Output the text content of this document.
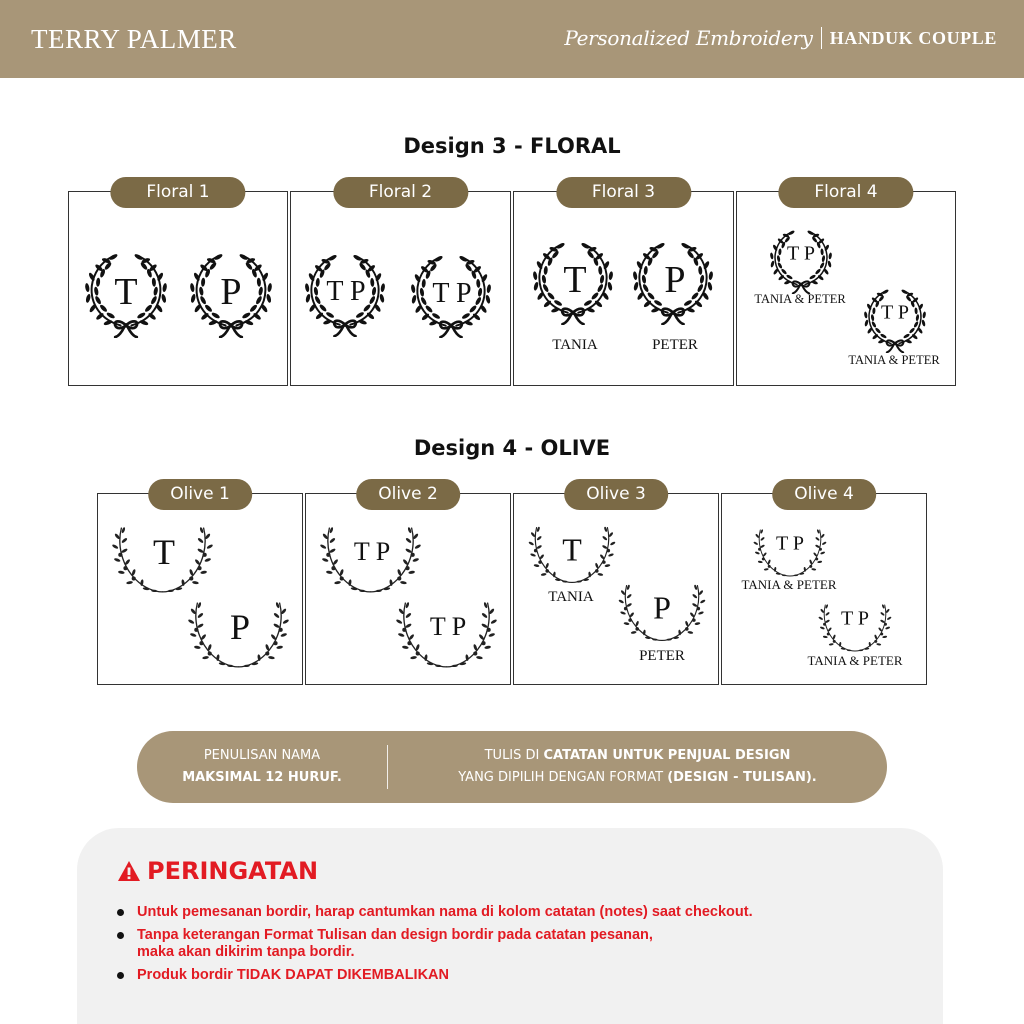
TERRY PALMER	Personalized Embroidery HANDUK COUPLE
Design 3 - FLORAL
Floral 1
T P
Floral 2
T P T P
Floral 3
T P
TANIA	PETER
Floral 4
T P
T P
TANIA & PETER
TANIA & PETER
Design 4 - OLIVE
Olive 1
T
P
Olive 2
T P
T P
Olive 3
T
P
TANIA
PETER
Olive 4
T P
T P
TANIA & PETER
TANIA & PETER
PENULISAN NAMA
MAKSIMAL 12 HURUF.
TULIS DI CATATAN UNTUK PENJUAL DESIGN
YANG DIPILIH DENGAN FORMAT (DESIGN - TULISAN).
PERINGATAN
Untuk pemesanan bordir, harap cantumkan nama di kolom catatan (notes) saat checkout.
Tanpa keterangan Format Tulisan dan design bordir pada catatan pesanan,
maka akan dikirim tanpa bordir.
Produk bordir TIDAK DAPAT DIKEMBALIKAN
